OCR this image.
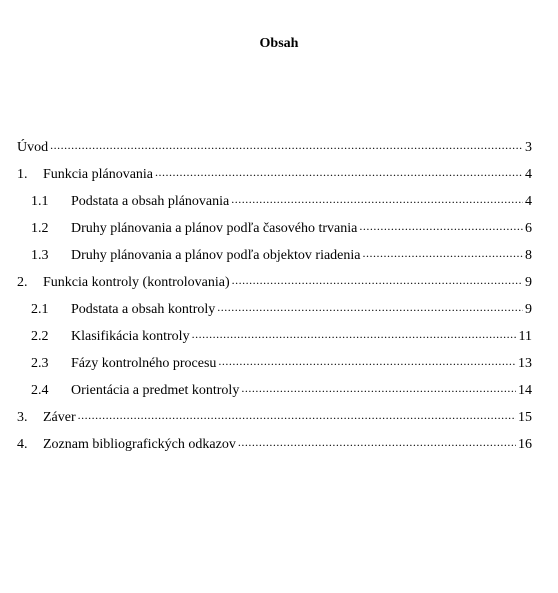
Obsah
Úvod .....	3
1.	Funkcia plánovania .....	4
1.1	Podstata a obsah plánovania .....	4
1.2	Druhy plánovania a plánov podľa časového trvania .....	6
1.3	Druhy plánovania a plánov podľa objektov riadenia .....	8
2.	Funkcia kontroly (kontrolovania) .....	9
2.1	Podstata a obsah kontroly .....	9
2.2	Klasifikácia kontroly .....	11
2.3	Fázy kontrolného procesu .....	13
2.4	Orientácia a predmet kontroly .....	14
3.	Záver .....	15
4.	Zoznam bibliografických odkazov .....	16
